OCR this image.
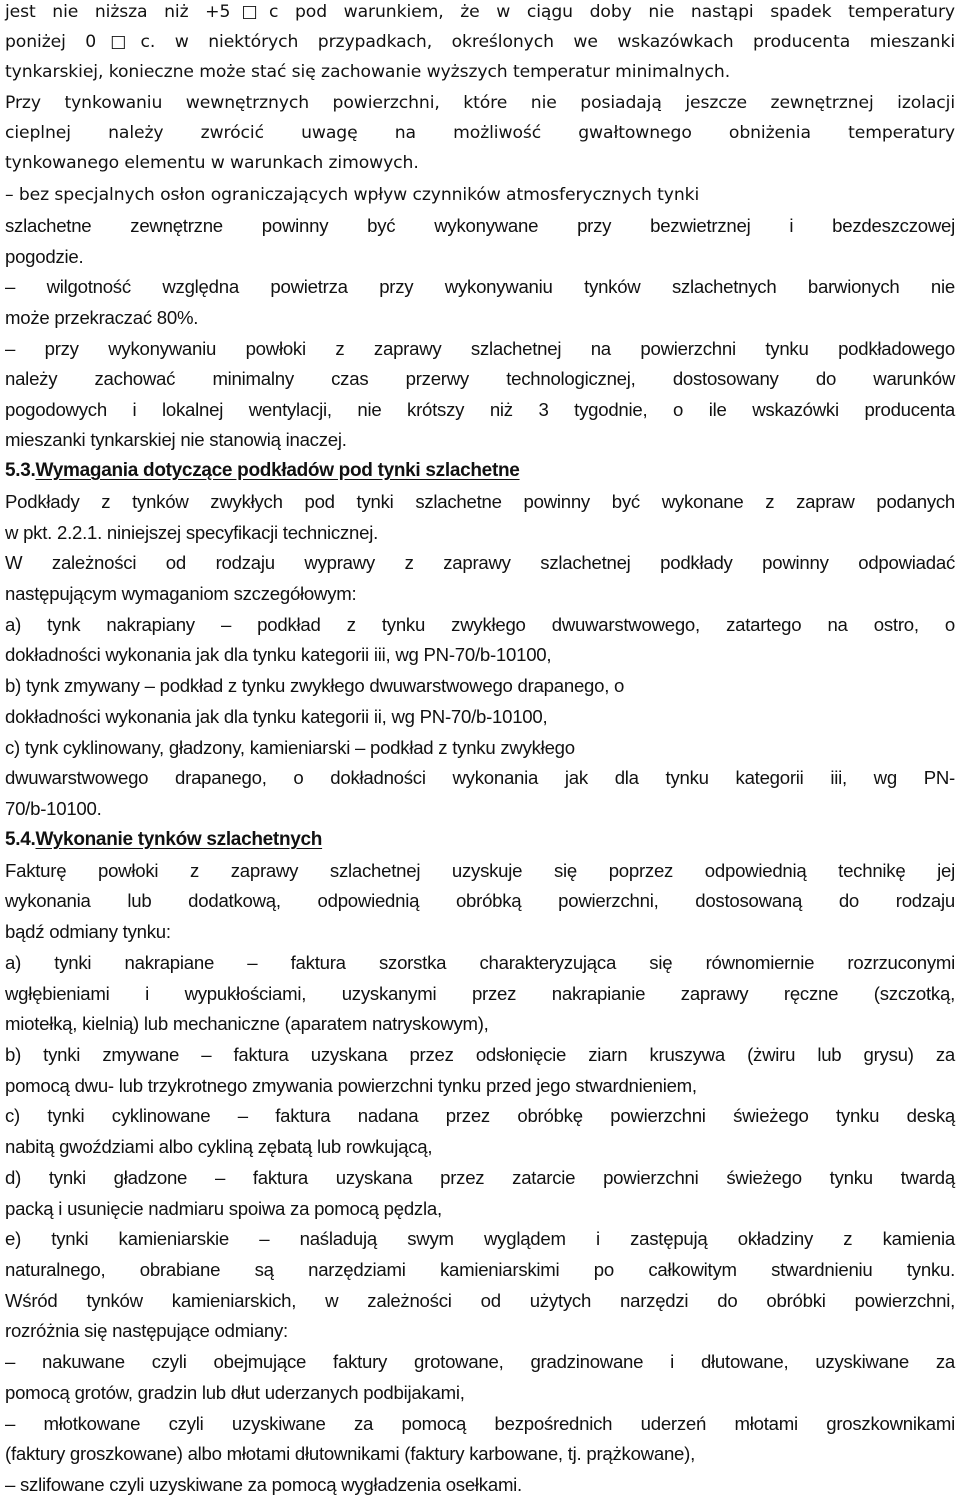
jest nie niższa niż +5□c pod warunkiem, że w ciągu doby nie nastąpi spadek temperatury
poniżej 0□c. w niektórych przypadkach, określonych we wskazówkach producenta mieszanki
tynkarskiej, konieczne może stać się zachowanie wyższych temperatur minimalnych.
Przy tynkowaniu wewnętrznych powierzchni, które nie posiadają jeszcze zewnętrznej izolacji
cieplnej należy zwrócić uwagę na możliwość gwałtownego obniżenia temperatury
tynkowanego elementu w warunkach zimowych.
– bez specjalnych osłon ograniczających wpływ czynników atmosferycznych tynki
szlachetne zewnętrzne powinny być wykonywane przy bezwietrznej i bezdeszczowej
pogodzie.
– wilgotność względna powietrza przy wykonywaniu tynków szlachetnych barwionych nie
może przekraczać 80%.
– przy wykonywaniu powłoki z zaprawy szlachetnej na powierzchni tynku podkładowego
należy zachować minimalny czas przerwy technologicznej, dostosowany do warunków
pogodowych i lokalnej wentylacji, nie krótszy niż 3 tygodnie, o ile wskazówki producenta
mieszanki tynkarskiej nie stanowią inaczej.
5.3.Wymagania dotyczące podkładów pod tynki szlachetne
Podkłady z tynków zwykłych pod tynki szlachetne powinny być wykonane z zapraw podanych
w pkt. 2.2.1. niniejszej specyfikacji technicznej.
W zależności od rodzaju wyprawy z zaprawy szlachetnej podkłady powinny odpowiadać
następującym wymaganiom szczegółowym:
a) tynk nakrapiany – podkład z tynku zwykłego dwuwarstwowego, zatartego na ostro, o
dokładności wykonania jak dla tynku kategorii iii, wg PN-70/b-10100,
b) tynk zmywany – podkład z tynku zwykłego dwuwarstwowego drapanego, o
dokładności wykonania jak dla tynku kategorii ii, wg PN-70/b-10100,
c) tynk cyklinowany, gładzony, kamieniarski – podkład z tynku zwykłego
dwuwarstwowego drapanego, o dokładności wykonania jak dla tynku kategorii iii, wg PN-
70/b-10100.
5.4.Wykonanie tynków szlachetnych
Fakturę powłoki z zaprawy szlachetnej uzyskuje się poprzez odpowiednią technikę jej
wykonania lub dodatkową, odpowiednią obróbką powierzchni, dostosowaną do rodzaju
bądź odmiany tynku:
a) tynki nakrapiane – faktura szorstka charakteryzująca się równomiernie rozrzuconymi
wgłębieniami i wypukłościami, uzyskanymi przez nakrapianie zaprawy ręczne (szczotką,
miotełką, kielnią) lub mechaniczne (aparatem natryskowym),
b) tynki zmywane – faktura uzyskana przez odsłonięcie ziarn kruszywa (żwiru lub grysu) za
pomocą dwu- lub trzykrotnego zmywania powierzchni tynku przed jego stwardnieniem,
c) tynki cyklinowane – faktura nadana przez obróbkę powierzchni świeżego tynku deską
nabitą gwoździami albo cykliną zębatą lub rowkującą,
d) tynki gładzone – faktura uzyskana przez zatarcie powierzchni świeżego tynku twardą
packą i usunięcie nadmiaru spoiwa za pomocą pędzla,
e) tynki kamieniarskie – naśladują swym wyglądem i zastępują okładziny z kamienia
naturalnego, obrabiane są narzędziami kamieniarskimi po całkowitym stwardnieniu tynku.
Wśród tynków kamieniarskich, w zależności od użytych narzędzi do obróbki powierzchni,
rozróżnia się następujące odmiany:
– nakuwane czyli obejmujące faktury grotowane, gradzinowane i dłutowane, uzyskiwane za
pomocą grotów, gradzin lub dłut uderzanych podbijakami,
– młotkowane czyli uzyskiwane za pomocą bezpośrednich uderzeń młotami groszkownikami
(faktury groszkowane) albo młotami dłutownikami (faktury karbowane, tj. prążkowane),
– szlifowane czyli uzyskiwane za pomocą wygładzenia osełkami.
